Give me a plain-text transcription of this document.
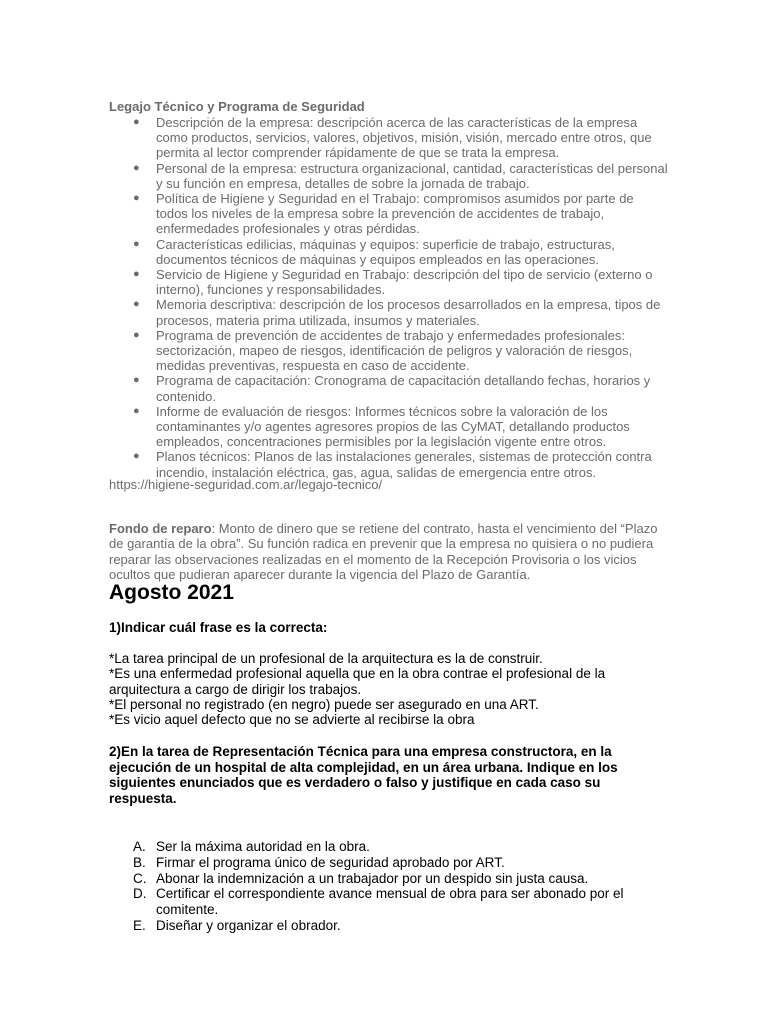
Legajo Técnico y Programa de Seguridad
● Descripción de la empresa: descripción acerca de las características de la empresa como productos, servicios, valores, objetivos, misión, visión, mercado entre otros, que permita al lector comprender rápidamente de que se trata la empresa.
● Personal de la empresa: estructura organizacional, cantidad, características del personal y su función en empresa, detalles de sobre la jornada de trabajo.
● Política de Higiene y Seguridad en el Trabajo: compromisos asumidos por parte de todos los niveles de la empresa sobre la prevención de accidentes de trabajo, enfermedades profesionales y otras pérdidas.
● Características edilicias, máquinas y equipos: superficie de trabajo, estructuras, documentos técnicos de máquinas y equipos empleados en las operaciones.
● Servicio de Higiene y Seguridad en Trabajo: descripción del tipo de servicio (externo o interno), funciones y responsabilidades.
● Memoria descriptiva: descripción de los procesos desarrollados en la empresa, tipos de procesos, materia prima utilizada, insumos y materiales.
● Programa de prevención de accidentes de trabajo y enfermedades profesionales: sectorización, mapeo de riesgos, identificación de peligros y valoración de riesgos, medidas preventivas, respuesta en caso de accidente.
● Programa de capacitación: Cronograma de capacitación detallando fechas, horarios y contenido.
● Informe de evaluación de riesgos: Informes técnicos sobre la valoración de los contaminantes y/o agentes agresores propios de las CyMAT, detallando productos empleados, concentraciones permisibles por la legislación vigente entre otros.
● Planos técnicos: Planos de las instalaciones generales, sistemas de protección contra incendio, instalación eléctrica, gas, agua, salidas de emergencia entre otros.
https://higiene-seguridad.com.ar/legajo-tecnico/
Fondo de reparo: Monto de dinero que se retiene del contrato, hasta el vencimiento del “Plazo de garantía de la obra”. Su función radica en prevenir que la empresa no quisiera o no pudiera reparar las observaciones realizadas en el momento de la Recepción Provisoria o los vicios ocultos que pudieran aparecer durante la vigencia del Plazo de Garantía.
Agosto 2021
1)Indicar cuál frase es la correcta:
*La tarea principal de un profesional de la arquitectura es la de construir.
*Es una enfermedad profesional aquella que en la obra contrae el profesional de la arquitectura a cargo de dirigir los trabajos.
*El personal no registrado (en negro) puede ser asegurado en una ART.
*Es vicio aquel defecto que no se advierte al recibirse la obra
2)En la tarea de Representación Técnica para una empresa constructora, en la ejecución de un hospital de alta complejidad, en un área urbana. Indique en los siguientes enunciados que es verdadero o falso y justifique en cada caso su respuesta.
A. Ser la máxima autoridad en la obra.
B. Firmar el programa único de seguridad aprobado por ART.
C. Abonar la indemnización a un trabajador por un despido sin justa causa.
D. Certificar el correspondiente avance mensual de obra para ser abonado por el comitente.
E. Diseñar y organizar el obrador.
